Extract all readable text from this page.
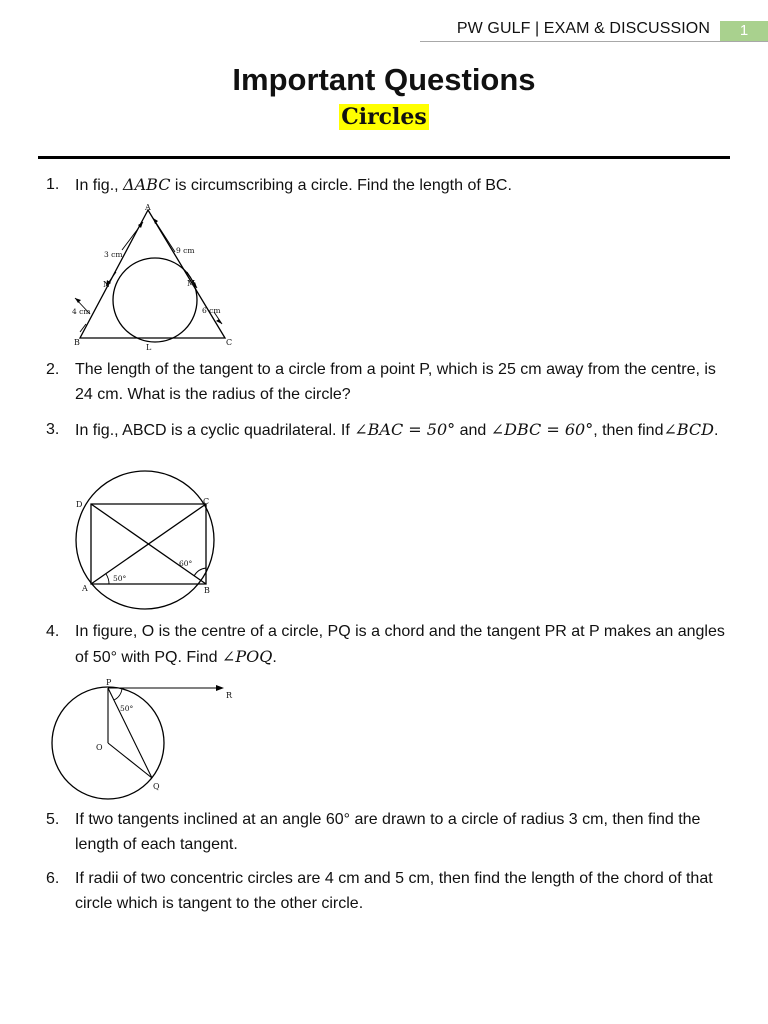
PW GULF | EXAM & DISCUSSION	1
Important Questions
Circles
1. In fig., ΔABC is circumscribing a circle. Find the length of BC.
A
B	C
L
M
N
3 cm	9 cm
4 cm	6 cm
2. The length of the tangent to a circle from a point P, which is 25 cm away from the centre, is 24 cm. What is the radius of the circle?
3. In fig., ABCD is a cyclic quadrilateral. If ∠BAC = 50° and ∠DBC = 60°, then find∠BCD.
D	C
A	B
50°
60°
4. In figure, O is the centre of a circle, PQ is a chord and the tangent PR at P makes an angles of 50° with PQ. Find ∠POQ.
P
R
O
Q
50°
5. If two tangents inclined at an angle 60° are drawn to a circle of radius 3 cm, then find the length of each tangent.
6. If radii of two concentric circles are 4 cm and 5 cm, then find the length of the chord of that circle which is tangent to the other circle.
